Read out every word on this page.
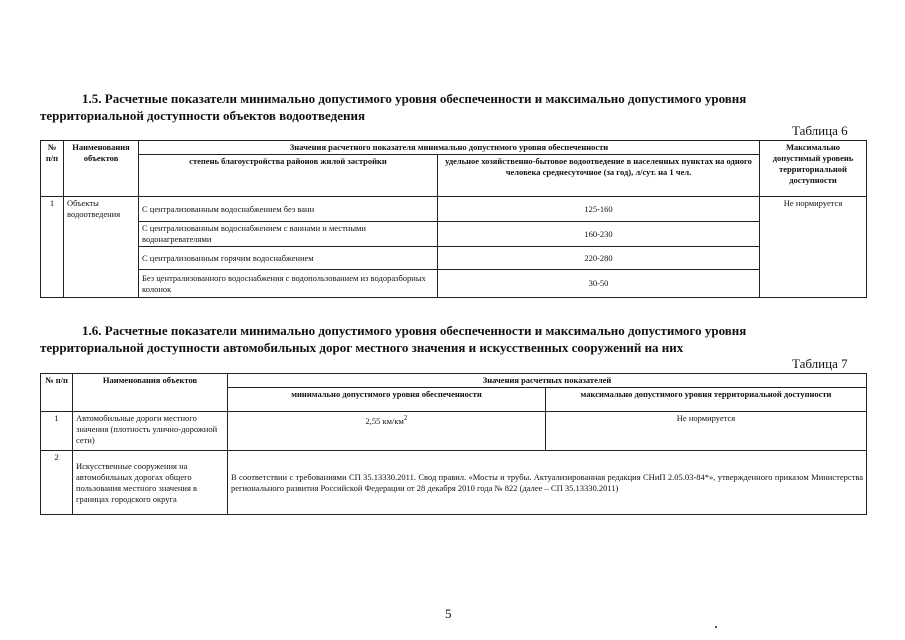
1.5. Расчетные показатели минимально допустимого уровня обеспеченности и максимально допустимого уровня
территориальной доступности объектов водоотведения
Таблица 6
№ п/п	Наименования объектов	Значения расчетного показателя минимально допустимого уровня обеспеченности		Максимально допустимый уровень территориальной доступности
		степень благоустройства районов жилой застройки	удельное хозяйственно-бытовое водоотведение в населенных пунктах на одного человека среднесуточное (за год), л/сут. на 1 чел.	
1	Объекты водоотведения	С централизованным водоснабжением без ванн	125-160	Не нормируется
		С централизованным водоснабжением с ваннами и местными водонагревателями	160-230	
		С централизованным горячим водоснабжением	220-280	
		Без централизованного водоснабжения с водопользованием из водоразборных колонок	30-50	
1.6. Расчетные показатели минимально допустимого уровня обеспеченности и максимально допустимого уровня
территориальной доступности автомобильных дорог местного значения и искусственных сооружений на них
Таблица 7
№ п/п	Наименования объектов	Значения расчетных показателей	
		минимально допустимого уровня обеспеченности	максимально допустимого уровня территориальной доступности
1	Автомобильные дороги местного значения (плотность улично-дорожной сети)	2,55 $км/км^2$	Не нормируется
2	Искусственные сооружения на автомобильных дорогах общего пользования местного значения в границах городского округа	В соответствии с требованиями СП 35.13330.2011. Свод правил. «Мосты и трубы. Актуализированная редакция СНиП 2.05.03-84*», утвержденного приказом Министерства регионального развития Российской Федерации от 28 декабря 2010 года № 822 (далее – СП 35.13330.2011)	
5
